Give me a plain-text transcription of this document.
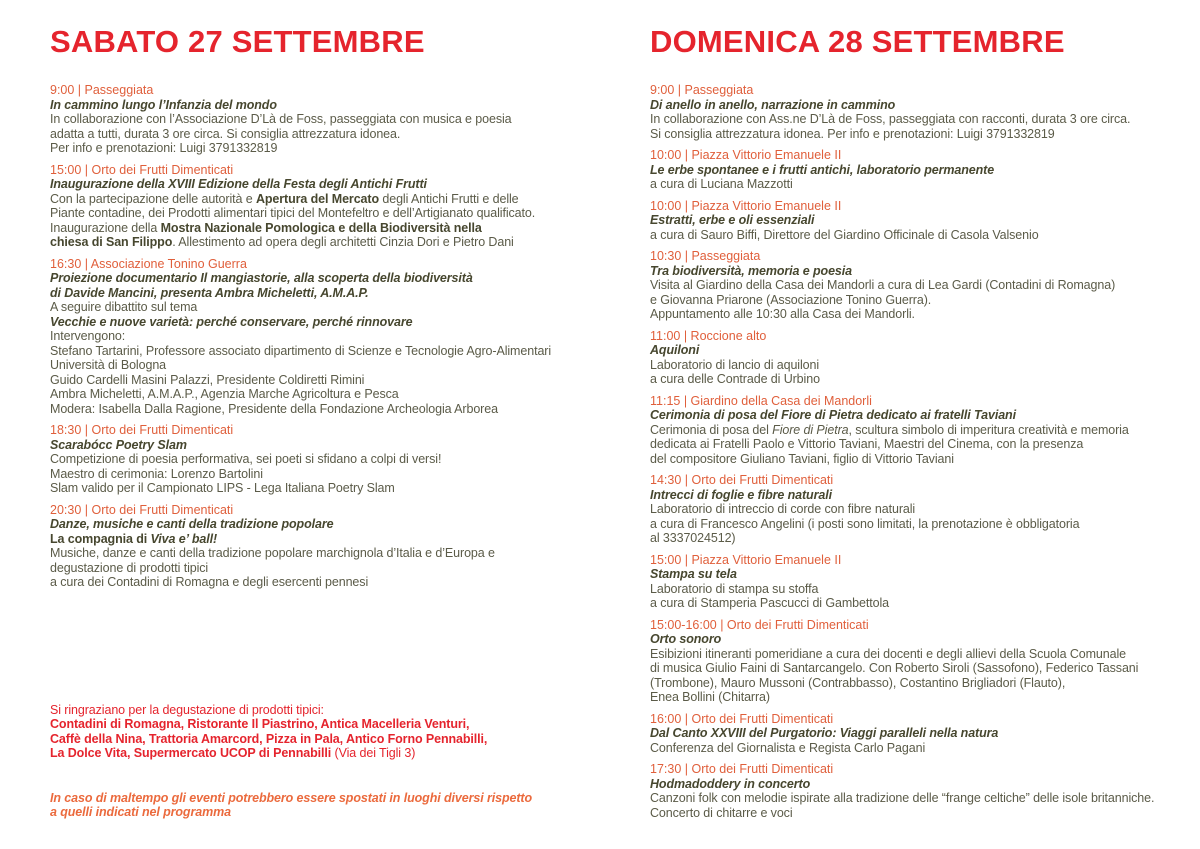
SABATO 27 SETTEMBRE
9:00 | Passeggiata
In cammino lungo l’Infanzia del mondo
In collaborazione con l’Associazione D’Là de Foss, passeggiata con musica e poesia
adatta a tutti, durata 3 ore circa. Si consiglia attrezzatura idonea.
Per info e prenotazioni: Luigi 3791332819
15:00 | Orto dei Frutti Dimenticati
Inaugurazione della XVIII Edizione della Festa degli Antichi Frutti
Con la partecipazione delle autorità e Apertura del Mercato degli Antichi Frutti e delle
Piante contadine, dei Prodotti alimentari tipici del Montefeltro e dell’Artigianato qualificato.
Inaugurazione della Mostra Nazionale Pomologica e della Biodiversità nella
chiesa di San Filippo. Allestimento ad opera degli architetti Cinzia Dori e Pietro Dani
16:30 | Associazione Tonino Guerra
Proiezione documentario Il mangiastorie, alla scoperta della biodiversità
di Davide Mancini, presenta Ambra Micheletti, A.M.A.P.
A seguire dibattito sul tema
Vecchie e nuove varietà: perché conservare, perché rinnovare
Intervengono:
Stefano Tartarini, Professore associato dipartimento di Scienze e Tecnologie Agro-Alimentari
Università di Bologna
Guido Cardelli Masini Palazzi, Presidente Coldiretti Rimini
Ambra Micheletti, A.M.A.P., Agenzia Marche Agricoltura e Pesca
Modera: Isabella Dalla Ragione, Presidente della Fondazione Archeologia Arborea
18:30 | Orto dei Frutti Dimenticati
Scarabócc Poetry Slam
Competizione di poesia performativa, sei poeti si sfidano a colpi di versi!
Maestro di cerimonia: Lorenzo Bartolini
Slam valido per il Campionato LIPS - Lega Italiana Poetry Slam
20:30 | Orto dei Frutti Dimenticati
Danze, musiche e canti della tradizione popolare
La compagnia di Viva e’ ball!
Musiche, danze e canti della tradizione popolare marchignola d’Italia e d’Europa e
degustazione di prodotti tipici
a cura dei Contadini di Romagna e degli esercenti pennesi
Si ringraziano per la degustazione di prodotti tipici:
Contadini di Romagna, Ristorante Il Piastrino, Antica Macelleria Venturi,
Caffè della Nina, Trattoria Amarcord, Pizza in Pala, Antico Forno Pennabilli,
La Dolce Vita, Supermercato UCOP di Pennabilli (Via dei Tigli 3)
In caso di maltempo gli eventi potrebbero essere spostati in luoghi diversi rispetto
a quelli indicati nel programma
DOMENICA 28 SETTEMBRE
9:00 | Passeggiata
Di anello in anello, narrazione in cammino
In collaborazione con Ass.ne D’Là de Foss, passeggiata con racconti, durata 3 ore circa.
Si consiglia attrezzatura idonea. Per info e prenotazioni: Luigi 3791332819
10:00 | Piazza Vittorio Emanuele II
Le erbe spontanee e i frutti antichi, laboratorio permanente
a cura di Luciana Mazzotti
10:00 | Piazza Vittorio Emanuele II
Estratti, erbe e oli essenziali
a cura di Sauro Biffi, Direttore del Giardino Officinale di Casola Valsenio
10:30 | Passeggiata
Tra biodiversità, memoria e poesia
Visita al Giardino della Casa dei Mandorli a cura di Lea Gardi (Contadini di Romagna)
e Giovanna Priarone (Associazione Tonino Guerra).
Appuntamento alle 10:30 alla Casa dei Mandorli.
11:00 | Roccione alto
Aquiloni
Laboratorio di lancio di aquiloni
a cura delle Contrade di Urbino
11:15 | Giardino della Casa dei Mandorli
Cerimonia di posa del Fiore di Pietra dedicato ai fratelli Taviani
Cerimonia di posa del Fiore di Pietra, scultura simbolo di imperitura creatività e memoria
dedicata ai Fratelli Paolo e Vittorio Taviani, Maestri del Cinema, con la presenza
del compositore Giuliano Taviani, figlio di Vittorio Taviani
14:30 | Orto dei Frutti Dimenticati
Intrecci di foglie e fibre naturali
Laboratorio di intreccio di corde con fibre naturali
a cura di Francesco Angelini (i posti sono limitati, la prenotazione è obbligatoria
al 3337024512)
15:00 | Piazza Vittorio Emanuele II
Stampa su tela
Laboratorio di stampa su stoffa
a cura di Stamperia Pascucci di Gambettola
15:00-16:00 | Orto dei Frutti Dimenticati
Orto sonoro
Esibizioni itineranti pomeridiane a cura dei docenti e degli allievi della Scuola Comunale
di musica Giulio Faini di Santarcangelo. Con Roberto Siroli (Sassofono), Federico Tassani
(Trombone), Mauro Mussoni (Contrabbasso), Costantino Brigliadori (Flauto),
Enea Bollini (Chitarra)
16:00 | Orto dei Frutti Dimenticati
Dal Canto XXVIII del Purgatorio: Viaggi paralleli nella natura
Conferenza del Giornalista e Regista Carlo Pagani
17:30 | Orto dei Frutti Dimenticati
Hodmadoddery in concerto
Canzoni folk con melodie ispirate alla tradizione delle “frange celtiche” delle isole britanniche.
Concerto di chitarre e voci
